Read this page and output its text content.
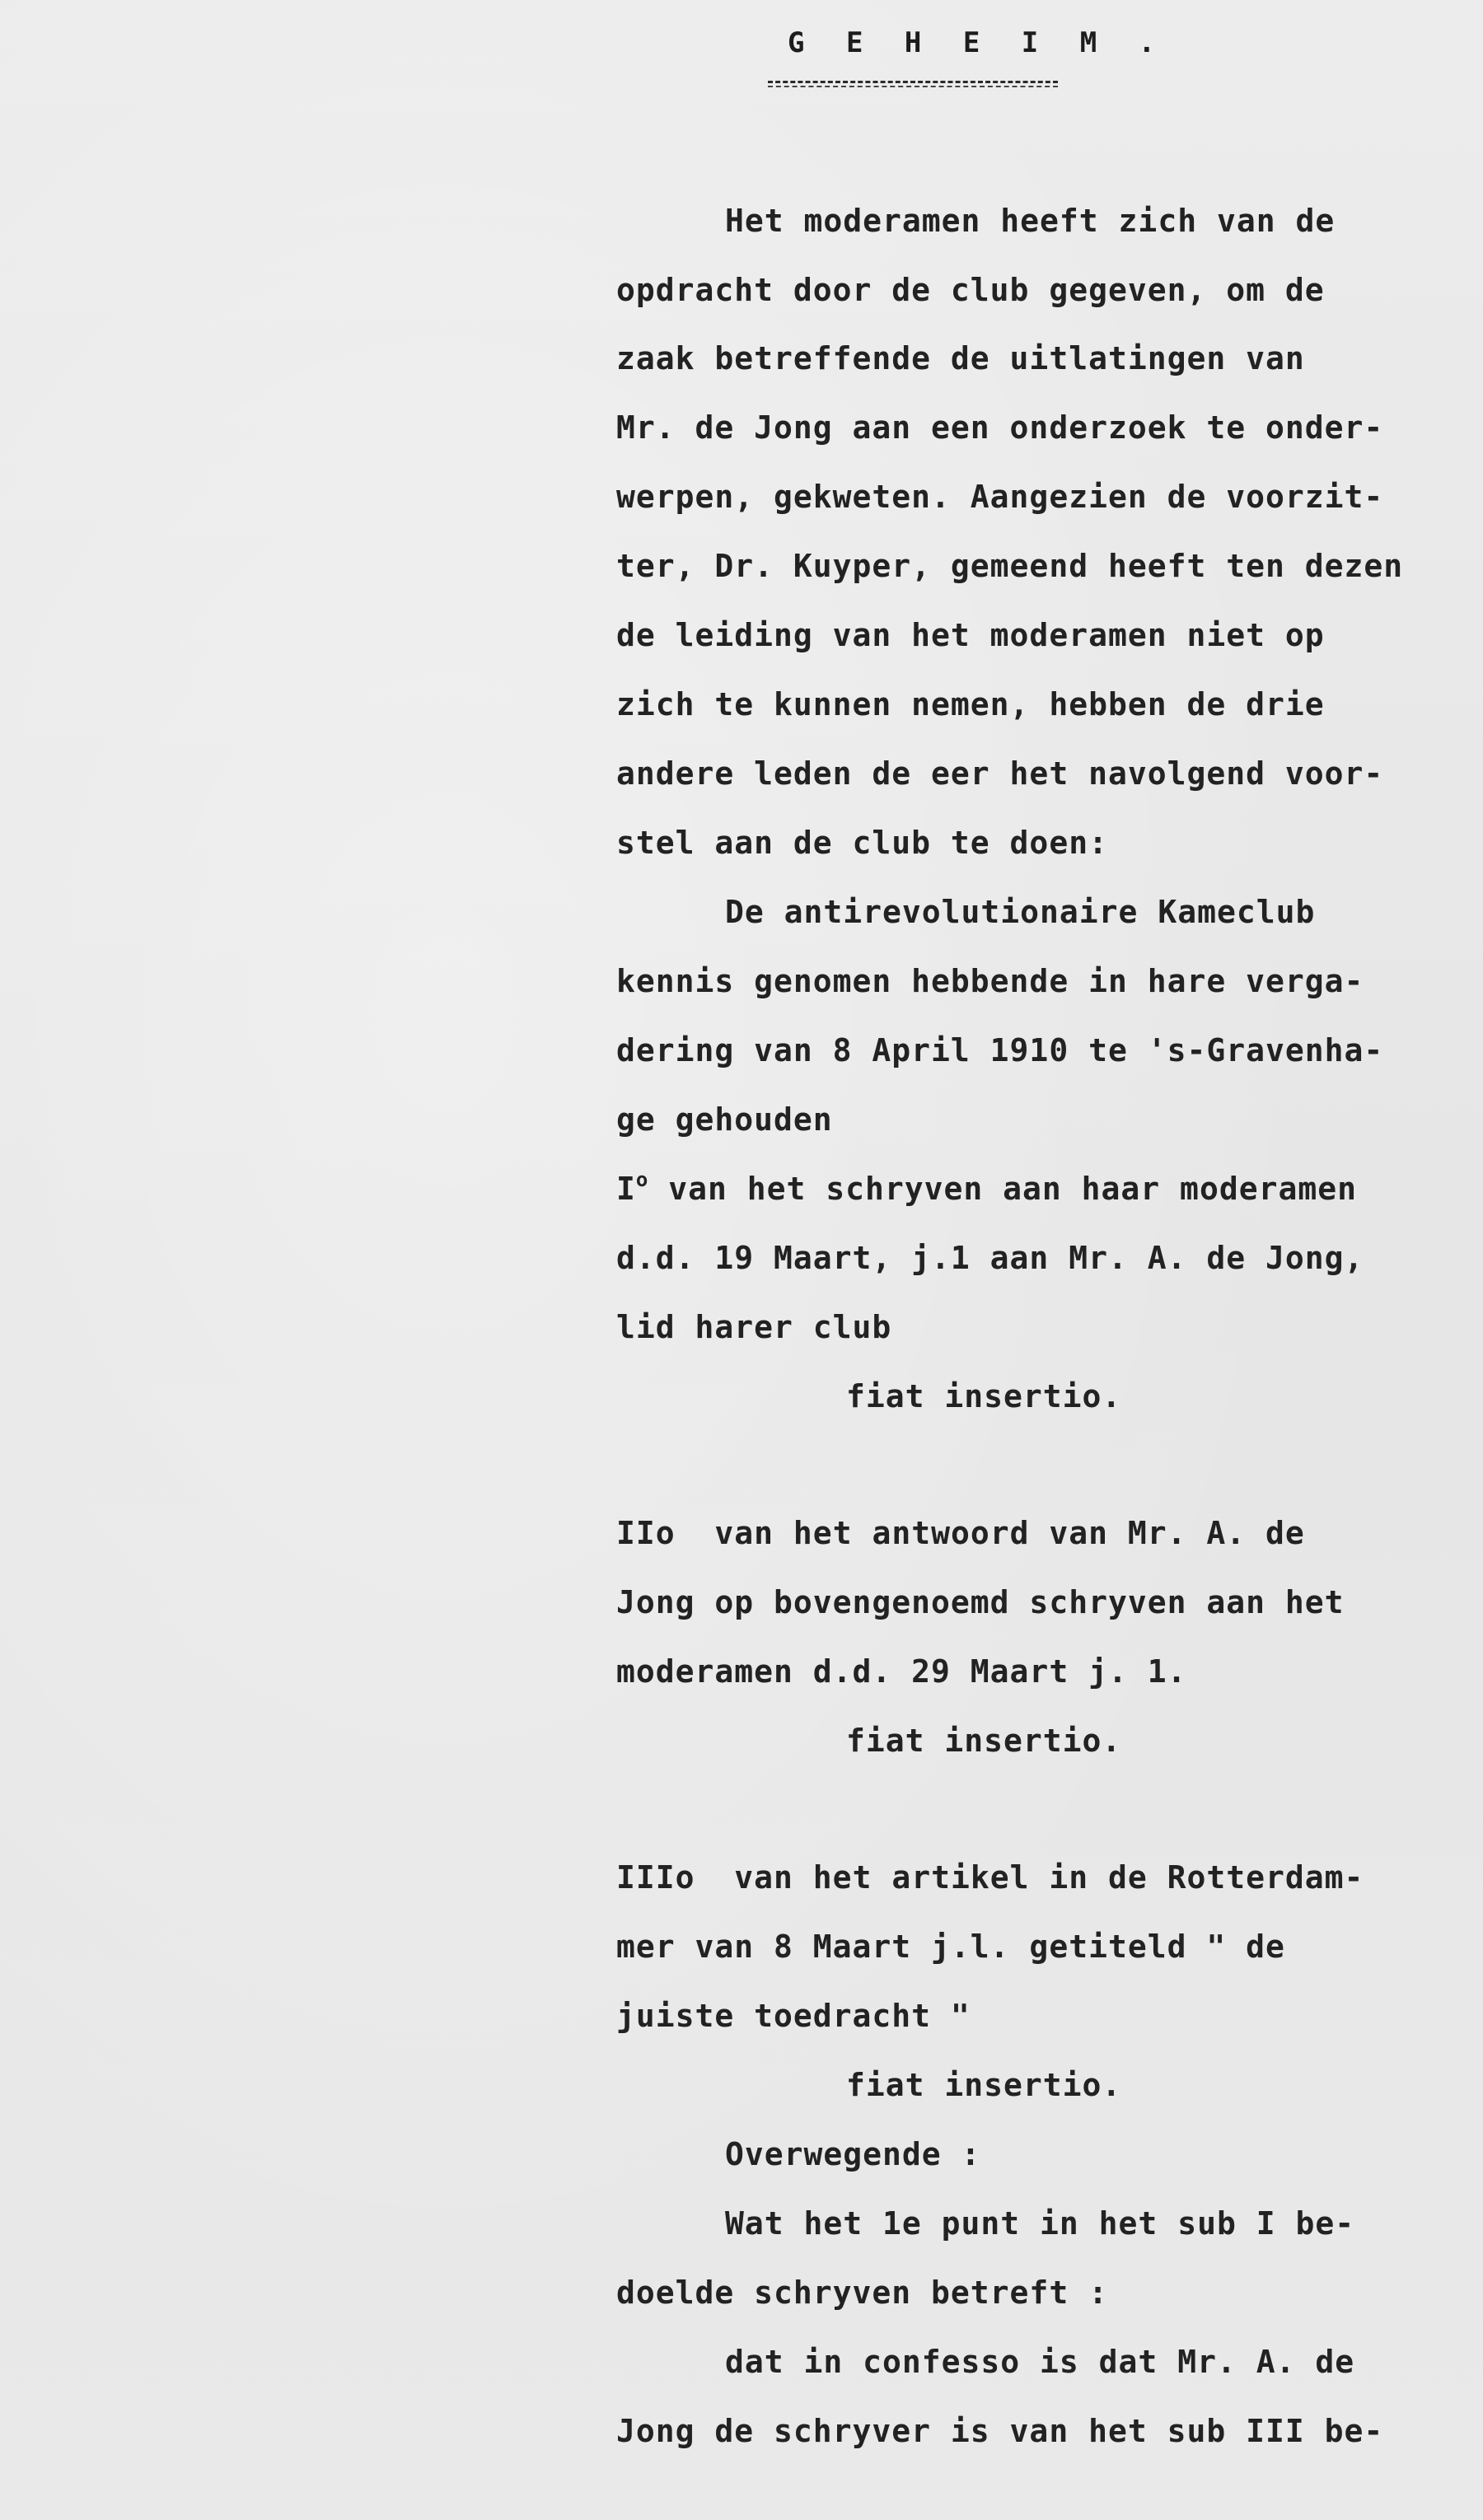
G E H E I M .
Het moderamen heeft zich van de
opdracht door de club gegeven, om de
zaak betreffende de uitlatingen van
Mr. de Jong aan een onderzoek te onder-
werpen, gekweten. Aangezien de voorzit-
ter, Dr. Kuyper, gemeend heeft ten dezen
de leiding van het moderamen niet op
zich te kunnen nemen, hebben de drie
andere leden de eer het navolgend voor-
stel aan de club te doen:
De antirevolutionaire Kameclub
kennis genomen hebbende in hare verga-
dering van 8 April 1910 te 's-Gravenha-
ge gehouden
$I^o$ van het schryven aan haar moderamen
d.d. 19 Maart, j.1 aan Mr. A. de Jong,
lid harer club
fiat insertio.
IIo van het antwoord van Mr. A. de
Jong op bovengenoemd schryven aan het
moderamen d.d. 29 Maart j. 1.
fiat insertio.
IIIo van het artikel in de Rotterdam-
mer van 8 Maart j.l. getiteld " de
juiste toedracht "
fiat insertio.
Overwegende :
Wat het 1e punt in het sub I be-
doelde schryven betreft :
dat in confesso is dat Mr. A. de
Jong de schryver is van het sub III be-
